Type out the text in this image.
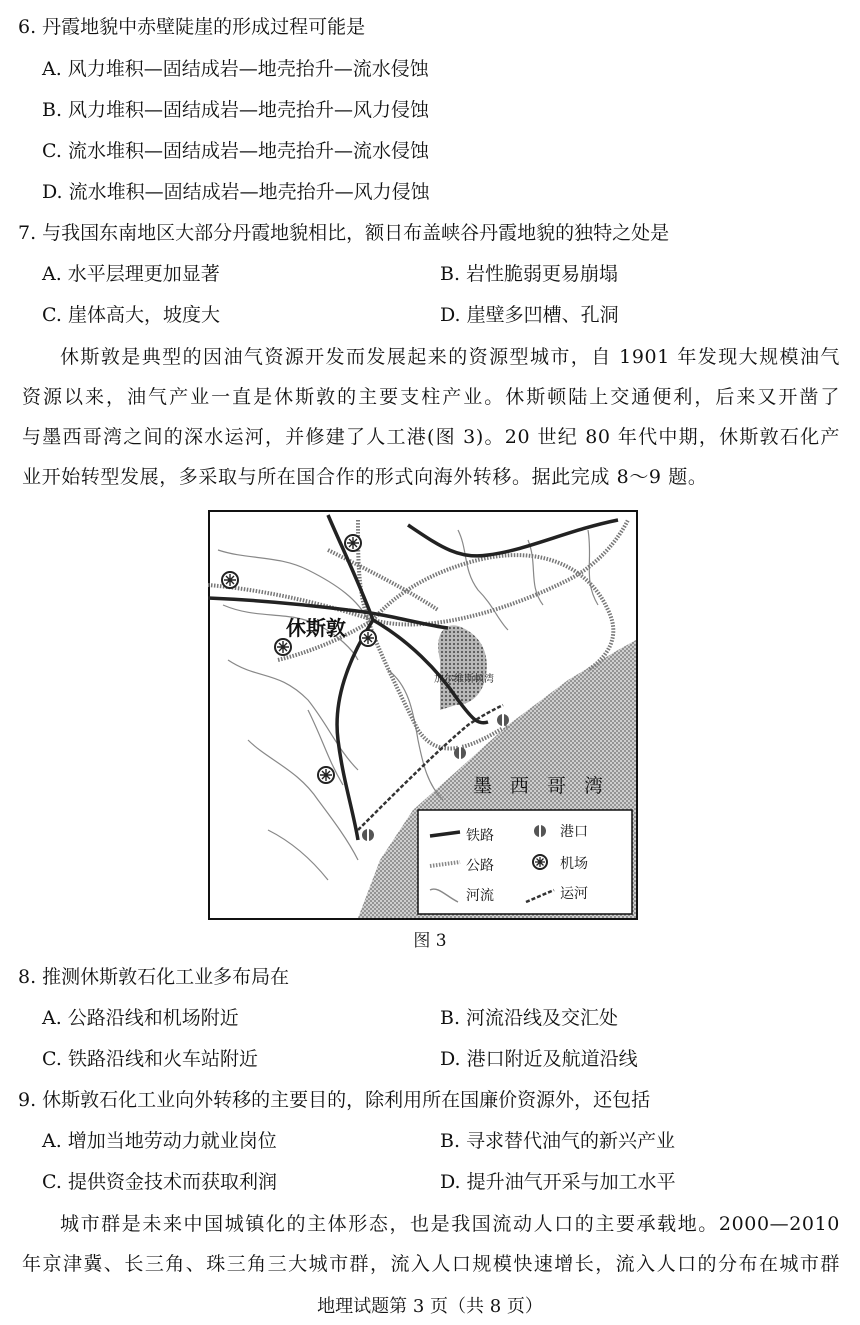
6. 丹霞地貌中赤壁陡崖的形成过程可能是
A. 风力堆积—固结成岩—地壳抬升—流水侵蚀
B. 风力堆积—固结成岩—地壳抬升—风力侵蚀
C. 流水堆积—固结成岩—地壳抬升—流水侵蚀
D. 流水堆积—固结成岩—地壳抬升—风力侵蚀
7. 与我国东南地区大部分丹霞地貌相比，额日布盖峡谷丹霞地貌的独特之处是
A. 水平层理更加显著	B. 岩性脆弱更易崩塌
C. 崖体高大，坡度大	D. 崖壁多凹槽、孔洞
休斯敦是典型的因油气资源开发而发展起来的资源型城市，自 1901 年发现大规模油气
资源以来，油气产业一直是休斯敦的主要支柱产业。休斯顿陆上交通便利，后来又开凿了
与墨西哥湾之间的深水运河，并修建了人工港(图 3)。20 世纪 80 年代中期，休斯敦石化产
业开始转型发展，多采取与所在国合作的形式向海外转移。据此完成 8～9 题。
休斯敦
加尔维斯顿湾
墨西哥湾
铁路	港口
公路	机场
河流	运河
图 3
8. 推测休斯敦石化工业多布局在
A. 公路沿线和机场附近	B. 河流沿线及交汇处
C. 铁路沿线和火车站附近	D. 港口附近及航道沿线
9. 休斯敦石化工业向外转移的主要目的，除利用所在国廉价资源外，还包括
A. 增加当地劳动力就业岗位	B. 寻求替代油气的新兴产业
C. 提供资金技术而获取利润	D. 提升油气开采与加工水平
城市群是未来中国城镇化的主体形态，也是我国流动人口的主要承载地。2000—2010
年京津冀、长三角、珠三角三大城市群，流入人口规模快速增长，流入人口的分布在城市群
地理试题第 3 页（共 8 页）
